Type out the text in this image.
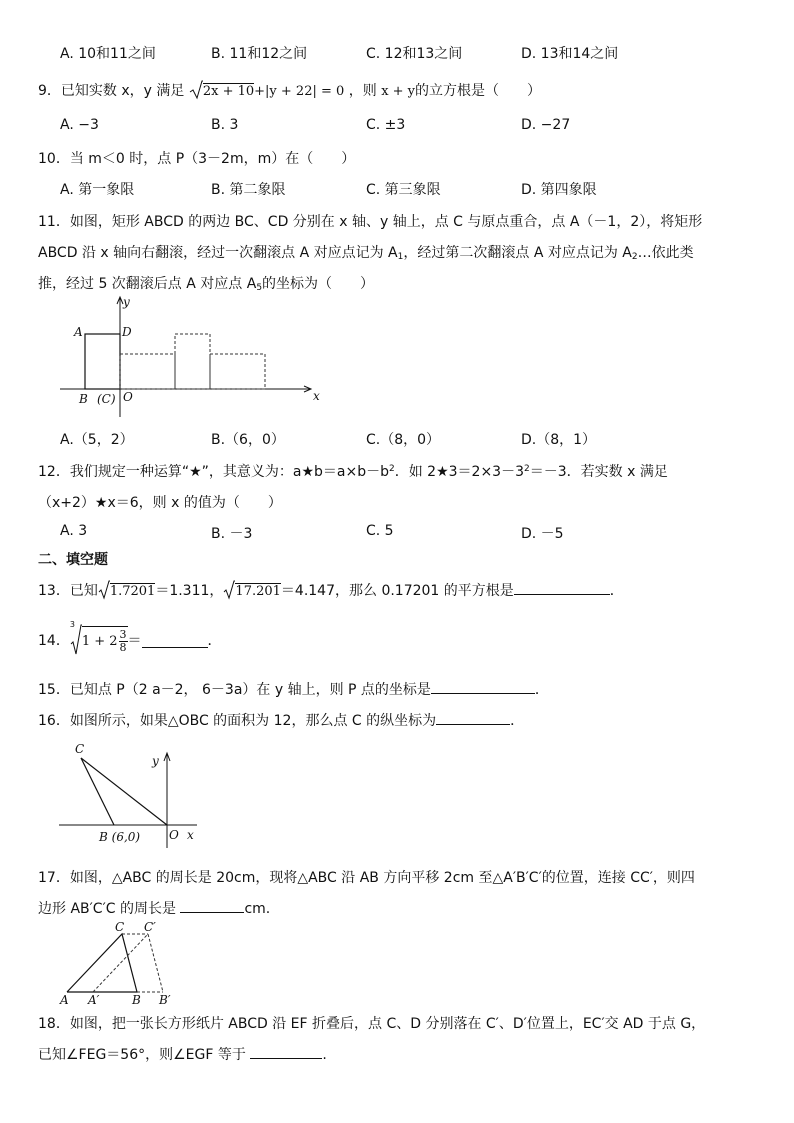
A. 10和11之间	B. 11和12之间	C. 12和13之间	D. 13和14之间
9．已知实数 x，y 满足 2x + 10+|y + 22| = 0 ，则 x + y的立方根是（　　）
A. −3	B. 3	C. ±3	D. −27
10．当 m＜0 时，点 P（3－2m，m）在（　　）
A. 第一象限	B. 第二象限	C. 第三象限	D. 第四象限
11．如图，矩形 ABCD 的两边 BC、CD 分别在 x 轴、y 轴上，点 C 与原点重合，点 A（－1，2），将矩形
ABCD 沿 x 轴向右翻滚，经过一次翻滚点 A 对应点记为 $A_1$，经过第二次翻滚点 A 对应点记为 $A_2\dots$依此类
推，经过 5 次翻滚后点 A 对应点 $A_5$的坐标为（　　）
y
x
A	D
B (C) O
A.（5，2）	B.（6，0）	C.（8，0）	D.（8，1）
12．我们规定一种运算“★”，其意义为：$a★b=a\times b-b^2$．如 $2★3=2\times 3-3^2=-3$．若实数 x 满足
（x+2）★x＝6，则 x 的值为（　　）
A. 3	B. －3	C. 5	D. －5
二、填空题
13．已知 1.7201＝1.311， 17.201＝4.147，那么 0.17201 的平方根是	．
14．
3
$1 + 2 \frac{3}{8}$ ＝	．
15．已知点 P（2 a－2， 6－3a）在 y 轴上，则 P 点的坐标是	．
16．如图所示，如果△OBC 的面积为 12，那么点 C 的纵坐标为	．
C
y
B (6,0) O x
17．如图，△ABC 的周长是 20cm，现将△ABC 沿 AB 方向平移 2cm 至△A′B′C′的位置，连接 CC′，则四
边形 AB′C′C 的周长是	cm.
C C′
A A′	B B′
18．如图，把一张长方形纸片 ABCD 沿 EF 折叠后，点 C、D 分别落在 C′、D′位置上，EC′交 AD 于点 G，
已知∠FEG＝56°，则∠EGF 等于	.
